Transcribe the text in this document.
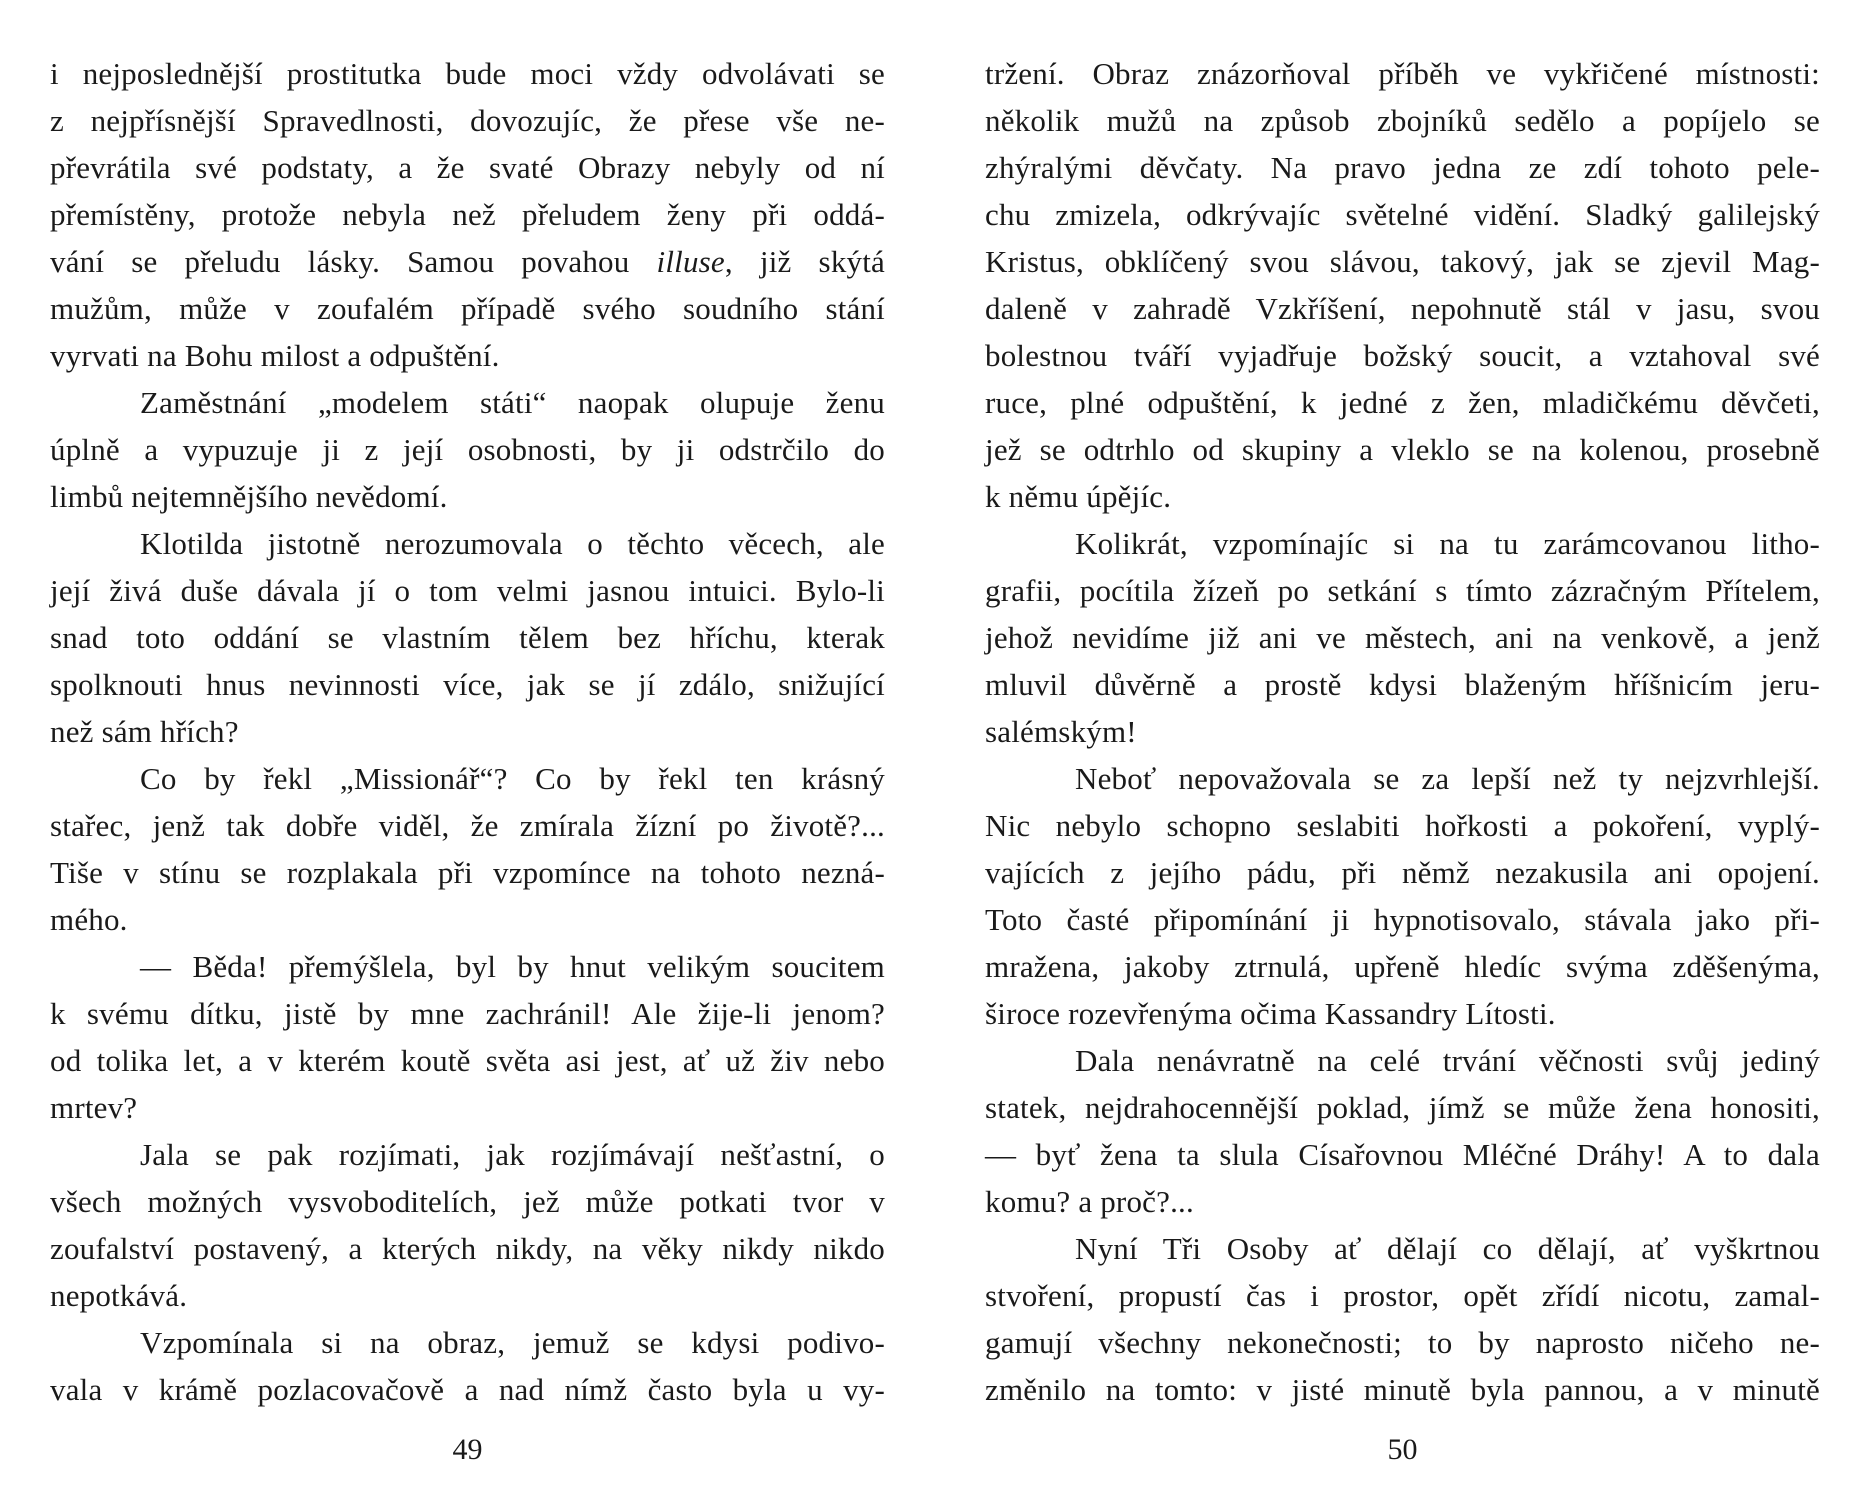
i nejposlednější prostitutka bude moci vždy odvolávati se
z nejpřísnější Spravedlnosti, dovozujíc, že přese vše ne-
převrátila své podstaty, a že svaté Obrazy nebyly od ní
přemístěny, protože nebyla než přeludem ženy při oddá-
vání se přeludu lásky. Samou povahou illuse, již skýtá
mužům, může v zoufalém případě svého soudního stání
vyrvati na Bohu milost a odpuštění.
Zaměstnání „modelem státi“ naopak olupuje ženu
úplně a vypuzuje ji z její osobnosti, by ji odstrčilo do
limbů nejtemnějšího nevědomí.
Klotilda jistotně nerozumovala o těchto věcech, ale
její živá duše dávala jí o tom velmi jasnou intuici. Bylo-li
snad toto oddání se vlastním tělem bez hříchu, kterak
spolknouti hnus nevinnosti více, jak se jí zdálo, snižující
než sám hřích?
Co by řekl „Missionář“? Co by řekl ten krásný
stařec, jenž tak dobře viděl, že zmírala žízní po životě?...
Tiše v stínu se rozplakala při vzpomínce na tohoto nezná-
mého.
— Běda! přemýšlela, byl by hnut velikým soucitem
k svému dítku, jistě by mne zachránil! Ale žije-li jenom?
od tolika let, a v kterém koutě světa asi jest, ať už živ nebo
mrtev?
Jala se pak rozjímati, jak rozjímávají nešťastní, o
všech možných vysvoboditelích, jež může potkati tvor v
zoufalství postavený, a kterých nikdy, na věky nikdy nikdo
nepotkává.
Vzpomínala si na obraz, jemuž se kdysi podivo-
vala v krámě pozlacovačově a nad nímž často byla u vy-
49
tržení. Obraz znázorňoval příběh ve vykřičené místnosti:
několik mužů na způsob zbojníků sedělo a popíjelo se
zhýralými děvčaty. Na pravo jedna ze zdí tohoto pele-
chu zmizela, odkrývajíc světelné vidění. Sladký galilejský
Kristus, obklíčený svou slávou, takový, jak se zjevil Mag-
daleně v zahradě Vzkříšení, nepohnutě stál v jasu, svou
bolestnou tváří vyjadřuje božský soucit, a vztahoval své
ruce, plné odpuštění, k jedné z žen, mladičkému děvčeti,
jež se odtrhlo od skupiny a vleklo se na kolenou, prosebně
k němu úpějíc.
Kolikrát, vzpomínajíc si na tu zarámcovanou litho-
grafii, pocítila žízeň po setkání s tímto zázračným Přítelem,
jehož nevidíme již ani ve městech, ani na venkově, a jenž
mluvil důvěrně a prostě kdysi blaženým hříšnicím jeru-
salémským!
Neboť nepovažovala se za lepší než ty nejzvrhlejší.
Nic nebylo schopno seslabiti hořkosti a pokoření, vyplý-
vajících z jejího pádu, při němž nezakusila ani opojení.
Toto časté připomínání ji hypnotisovalo, stávala jako při-
mražena, jakoby ztrnulá, upřeně hledíc svýma zděšenýma,
široce rozevřenýma očima Kassandry Lítosti.
Dala nenávratně na celé trvání věčnosti svůj jediný
statek, nejdrahocennější poklad, jímž se může žena honositi,
— byť žena ta slula Císařovnou Mléčné Dráhy! A to dala
komu? a proč?...
Nyní Tři Osoby ať dělají co dělají, ať vyškrtnou
stvoření, propustí čas i prostor, opět zřídí nicotu, zamal-
gamují všechny nekonečnosti; to by naprosto ničeho ne-
změnilo na tomto: v jisté minutě byla pannou, a v minutě
50
